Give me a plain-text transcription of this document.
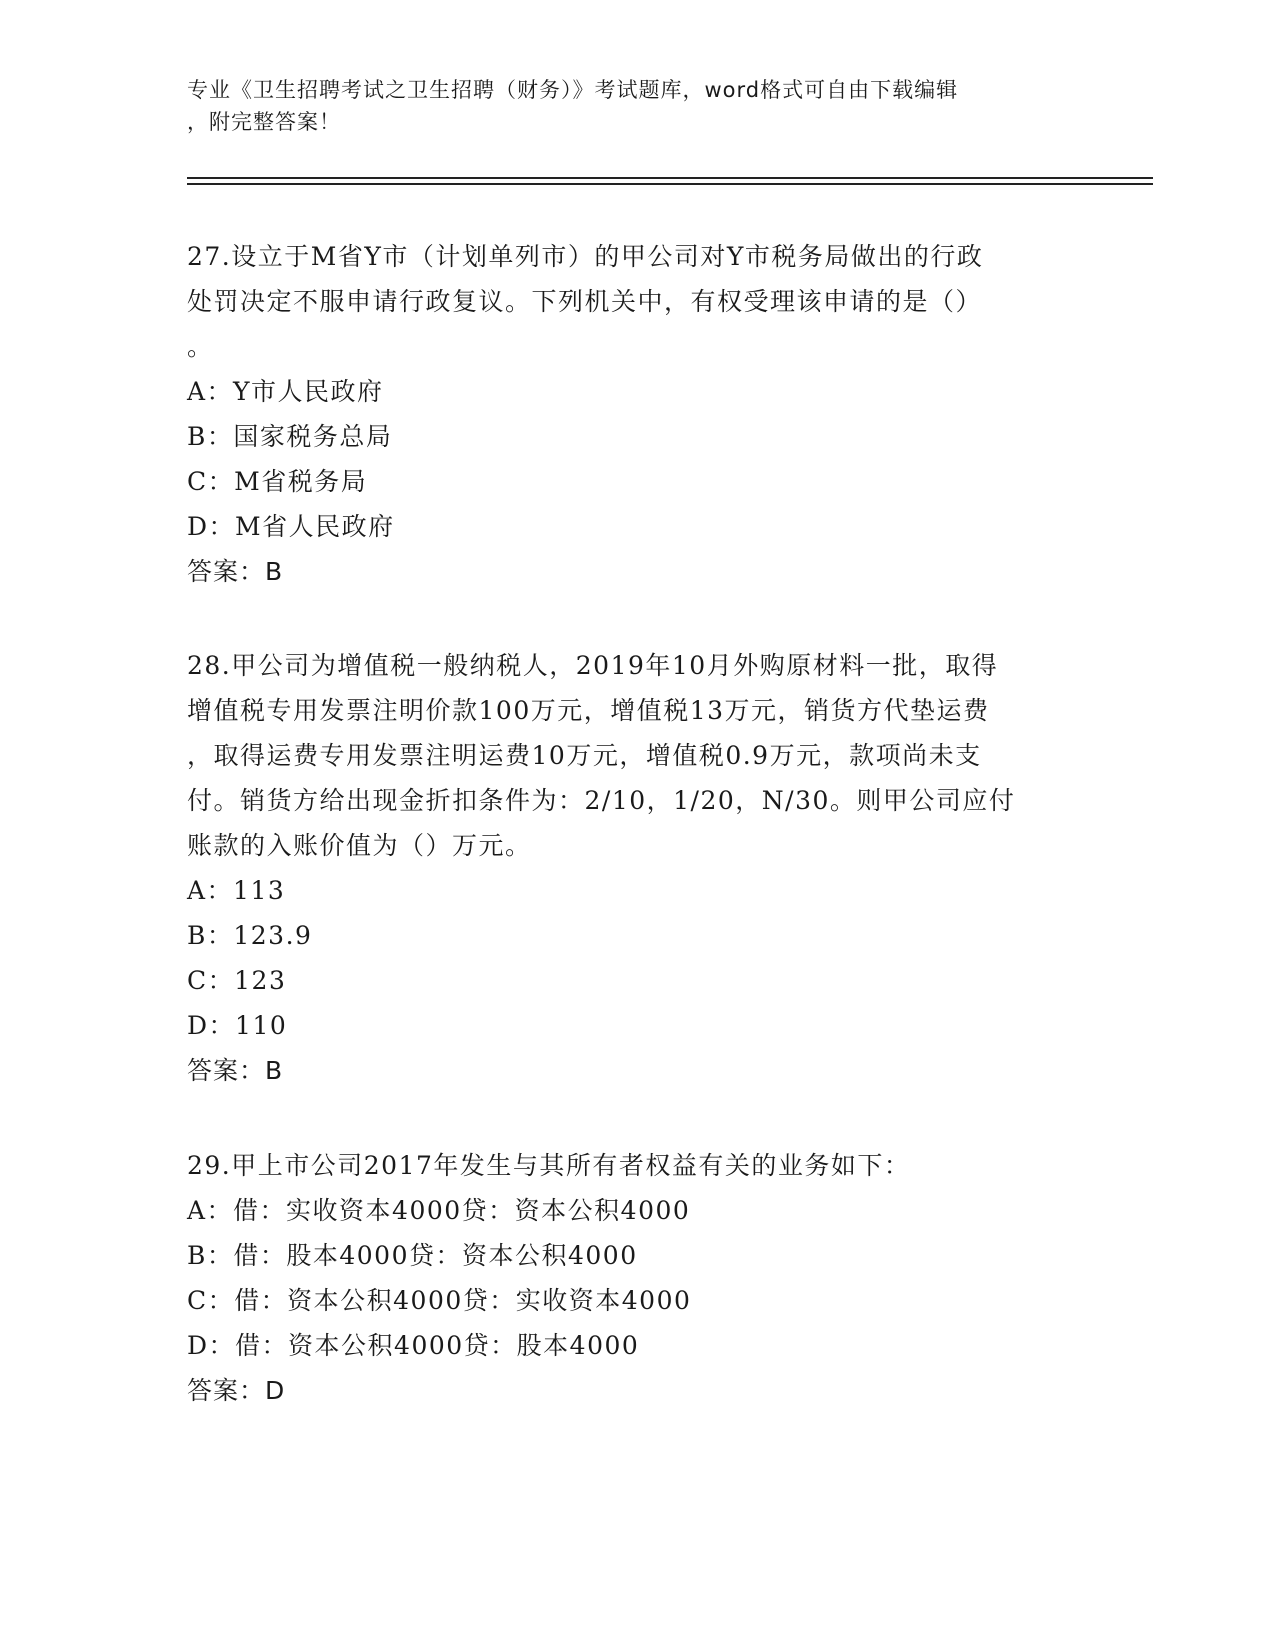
专业《卫生招聘考试之卫生招聘（财务）》考试题库，word格式可自由下载编辑
，附完整答案！
27.设立于M省Y市（计划单列市）的甲公司对Y市税务局做出的行政
处罚决定不服申请行政复议。下列机关中，有权受理该申请的是（）
。
A：Y市人民政府
B：国家税务总局
C：M省税务局
D：M省人民政府
答案：B
28.甲公司为增值税一般纳税人，2019年10月外购原材料一批，取得
增值税专用发票注明价款100万元，增值税13万元，销货方代垫运费
，取得运费专用发票注明运费10万元，增值税0.9万元，款项尚未支
付。销货方给出现金折扣条件为：2/10，1/20，N/30。则甲公司应付
账款的入账价值为（）万元。
A：113
B：123.9
C：123
D：110
答案：B
29.甲上市公司2017年发生与其所有者权益有关的业务如下：
A：借：实收资本4000贷：资本公积4000
B：借：股本4000贷：资本公积4000
C：借：资本公积4000贷：实收资本4000
D：借：资本公积4000贷：股本4000
答案：D
